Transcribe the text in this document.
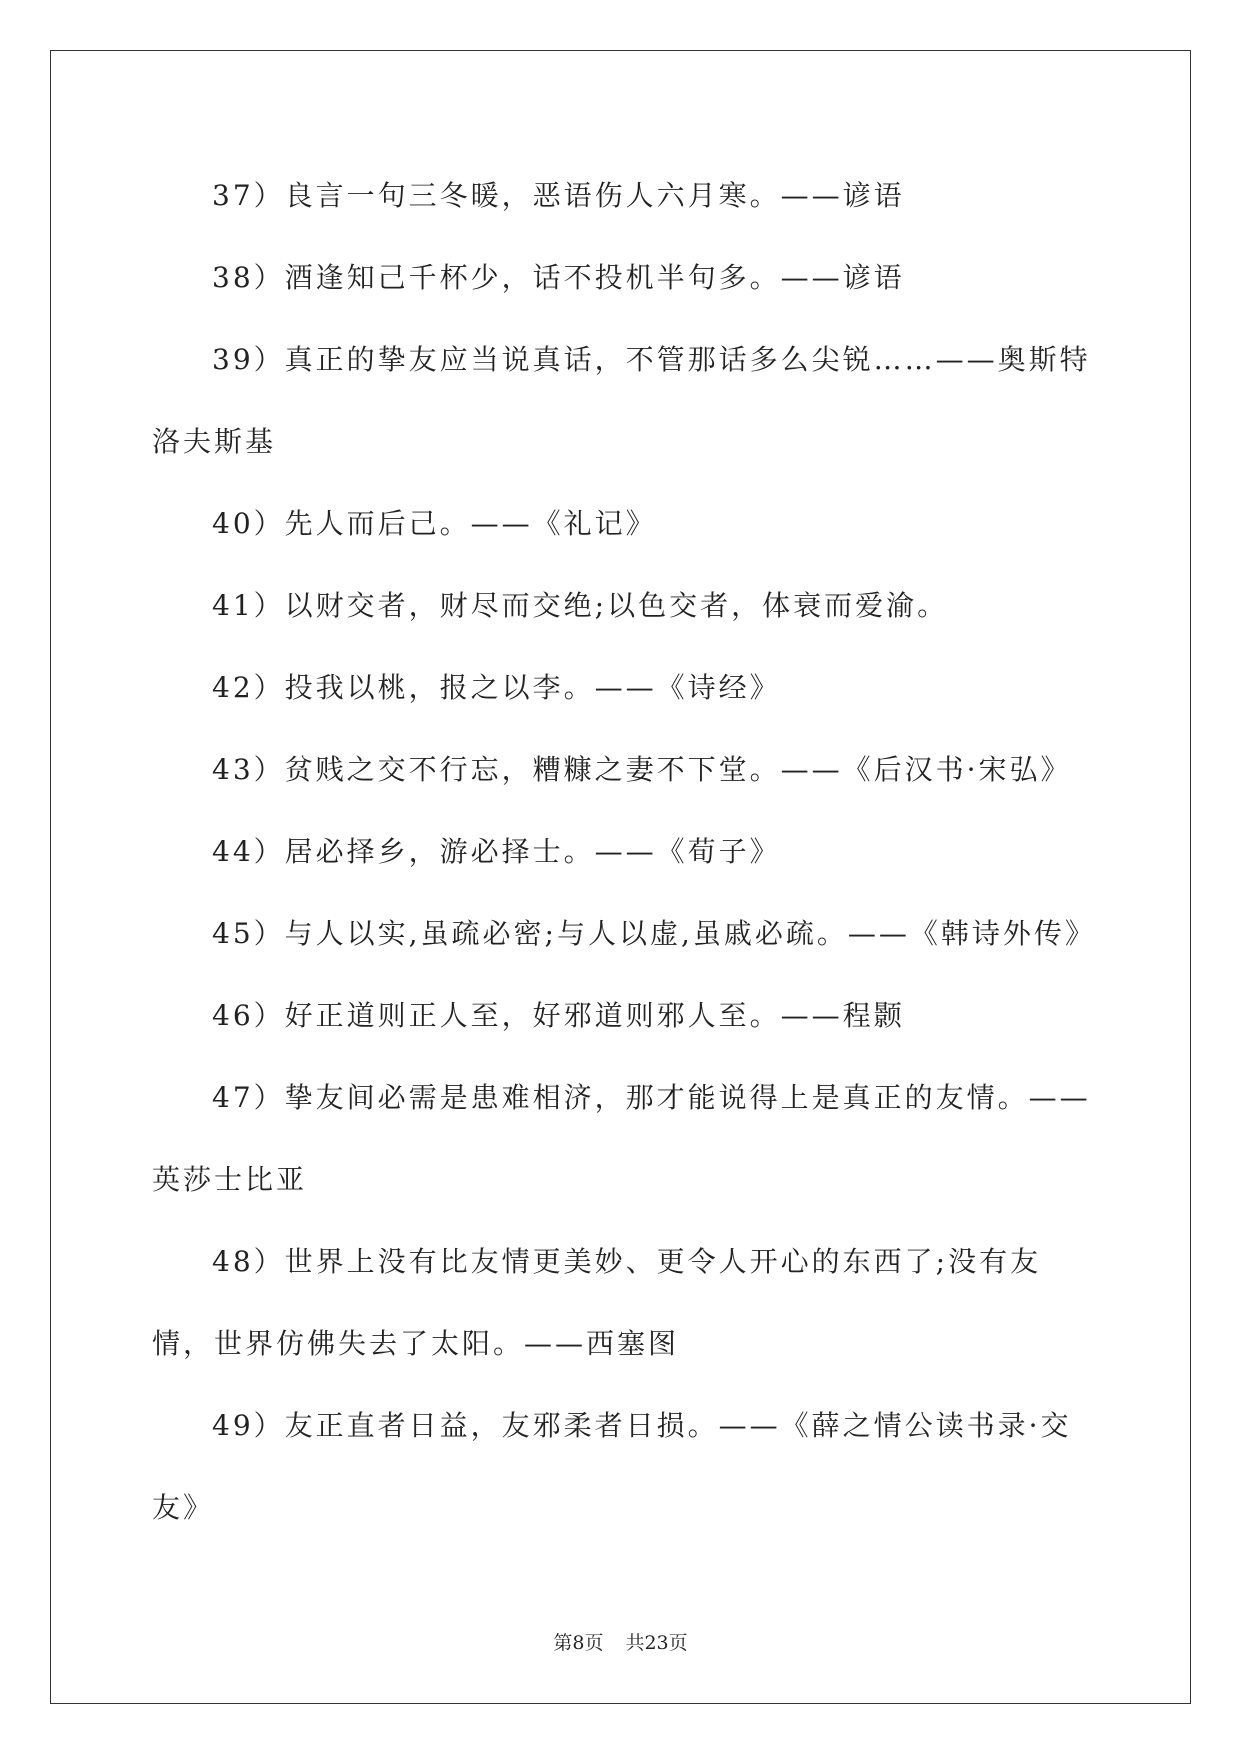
37）良言一句三冬暖，恶语伤人六月寒。——谚语

38）酒逢知己千杯少，话不投机半句多。——谚语

39）真正的挚友应当说真话，不管那话多么尖锐……——奥斯特洛夫斯基

40）先人而后己。——《礼记》

41）以财交者，财尽而交绝;以色交者，体衰而爱渝。

42）投我以桃，报之以李。——《诗经》

43）贫贱之交不行忘，糟糠之妻不下堂。——《后汉书·宋弘》

44）居必择乡，游必择士。——《荀子》

45）与人以实,虽疏必密;与人以虚,虽戚必疏。——《韩诗外传》

46）好正道则正人至，好邪道则邪人至。——程颢

47）挚友间必需是患难相济，那才能说得上是真正的友情。——英莎士比亚

48）世界上没有比友情更美妙、更令人开心的东西了;没有友情，世界仿佛失去了太阳。——西塞图

49）友正直者日益，友邪柔者日损。——《薛之情公读书录·交友》

第8页 共23页
